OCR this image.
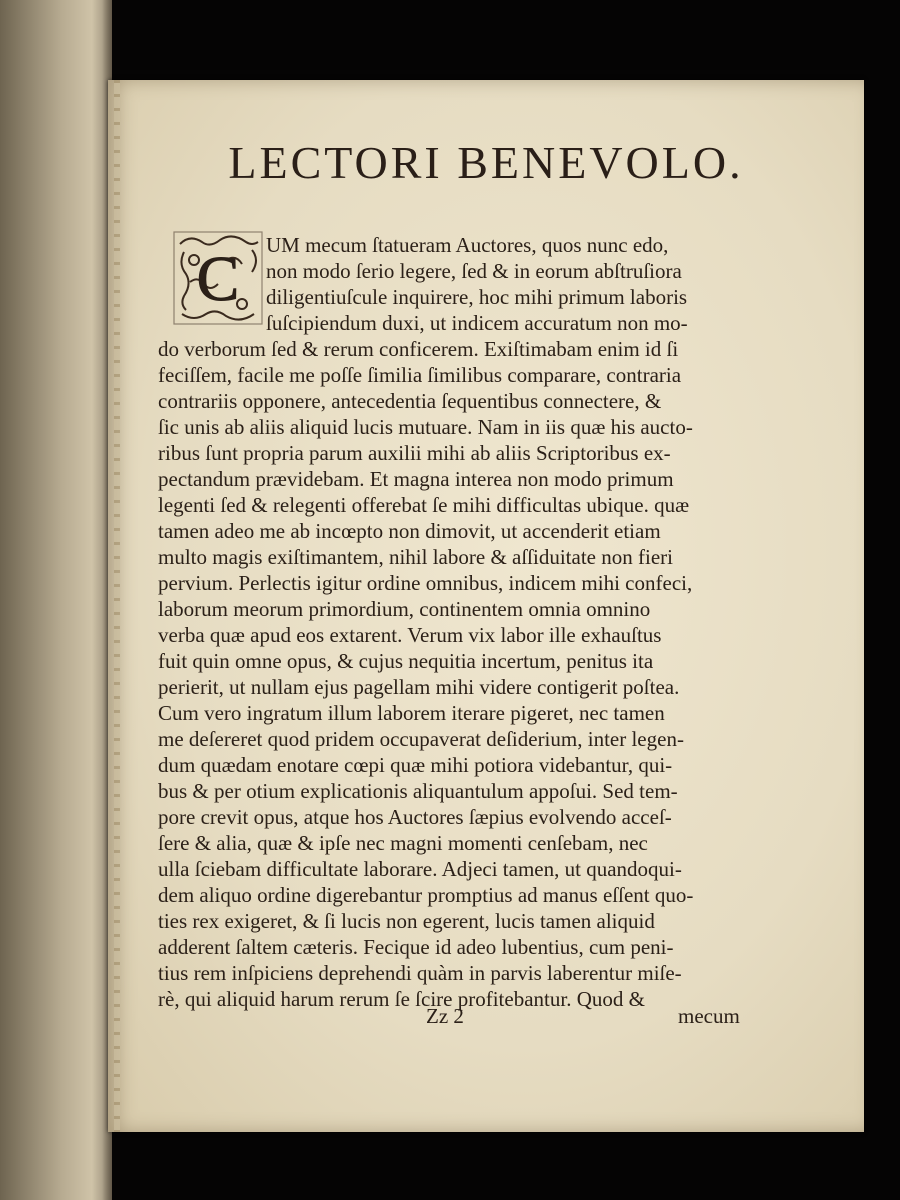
LECTORI BENEVOLO.
C UM mecum ſtatueram Auctores, quos nunc edo,
non modo ſerio legere, ſed & in eorum abſtruſiora
diligentiuſcule inquirere, hoc mihi primum laboris
ſuſcipiendum duxi, ut indicem accuratum non mo-
do verborum ſed & rerum conficerem. Exiſtimabam enim id ſi
feciſſem, facile me poſſe ſimilia ſimilibus comparare, contraria
contrariis opponere, antecedentia ſequentibus connectere, &
ſic unis ab aliis aliquid lucis mutuare. Nam in iis quæ his aucto-
ribus ſunt propria parum auxilii mihi ab aliis Scriptoribus ex-
pectandum prævidebam. Et magna interea non modo primum
legenti ſed & relegenti offerebat ſe mihi difficultas ubique. quæ
tamen adeo me ab incœpto non dimovit, ut accenderit etiam
multo magis exiſtimantem, nihil labore & aſſiduitate non fieri
pervium. Perlectis igitur ordine omnibus, indicem mihi confeci,
laborum meorum primordium, continentem omnia omnino
verba quæ apud eos extarent. Verum vix labor ille exhauſtus
fuit quin omne opus, & cujus nequitia incertum, penitus ita
perierit, ut nullam ejus pagellam mihi videre contigerit poſtea.
Cum vero ingratum illum laborem iterare pigeret, nec tamen
me deſereret quod pridem occupaverat deſiderium, inter legen-
dum quædam enotare cœpi quæ mihi potiora videbantur, qui-
bus & per otium explicationis aliquantulum appoſui. Sed tem-
pore crevit opus, atque hos Auctores ſæpius evolvendo acceſ-
ſere & alia, quæ & ipſe nec magni momenti cenſebam, nec
ulla ſciebam difficultate laborare. Adjeci tamen, ut quandoqui-
dem aliquo ordine digerebantur promptius ad manus eſſent quo-
ties rex exigeret, & ſi lucis non egerent, lucis tamen aliquid
adderent ſaltem cæteris. Fecique id adeo lubentius, cum peni-
tius rem inſpiciens deprehendi quàm in parvis laberentur miſe-
rè, qui aliquid harum rerum ſe ſcire profitebantur. Quod &
Zz 2	mecum
